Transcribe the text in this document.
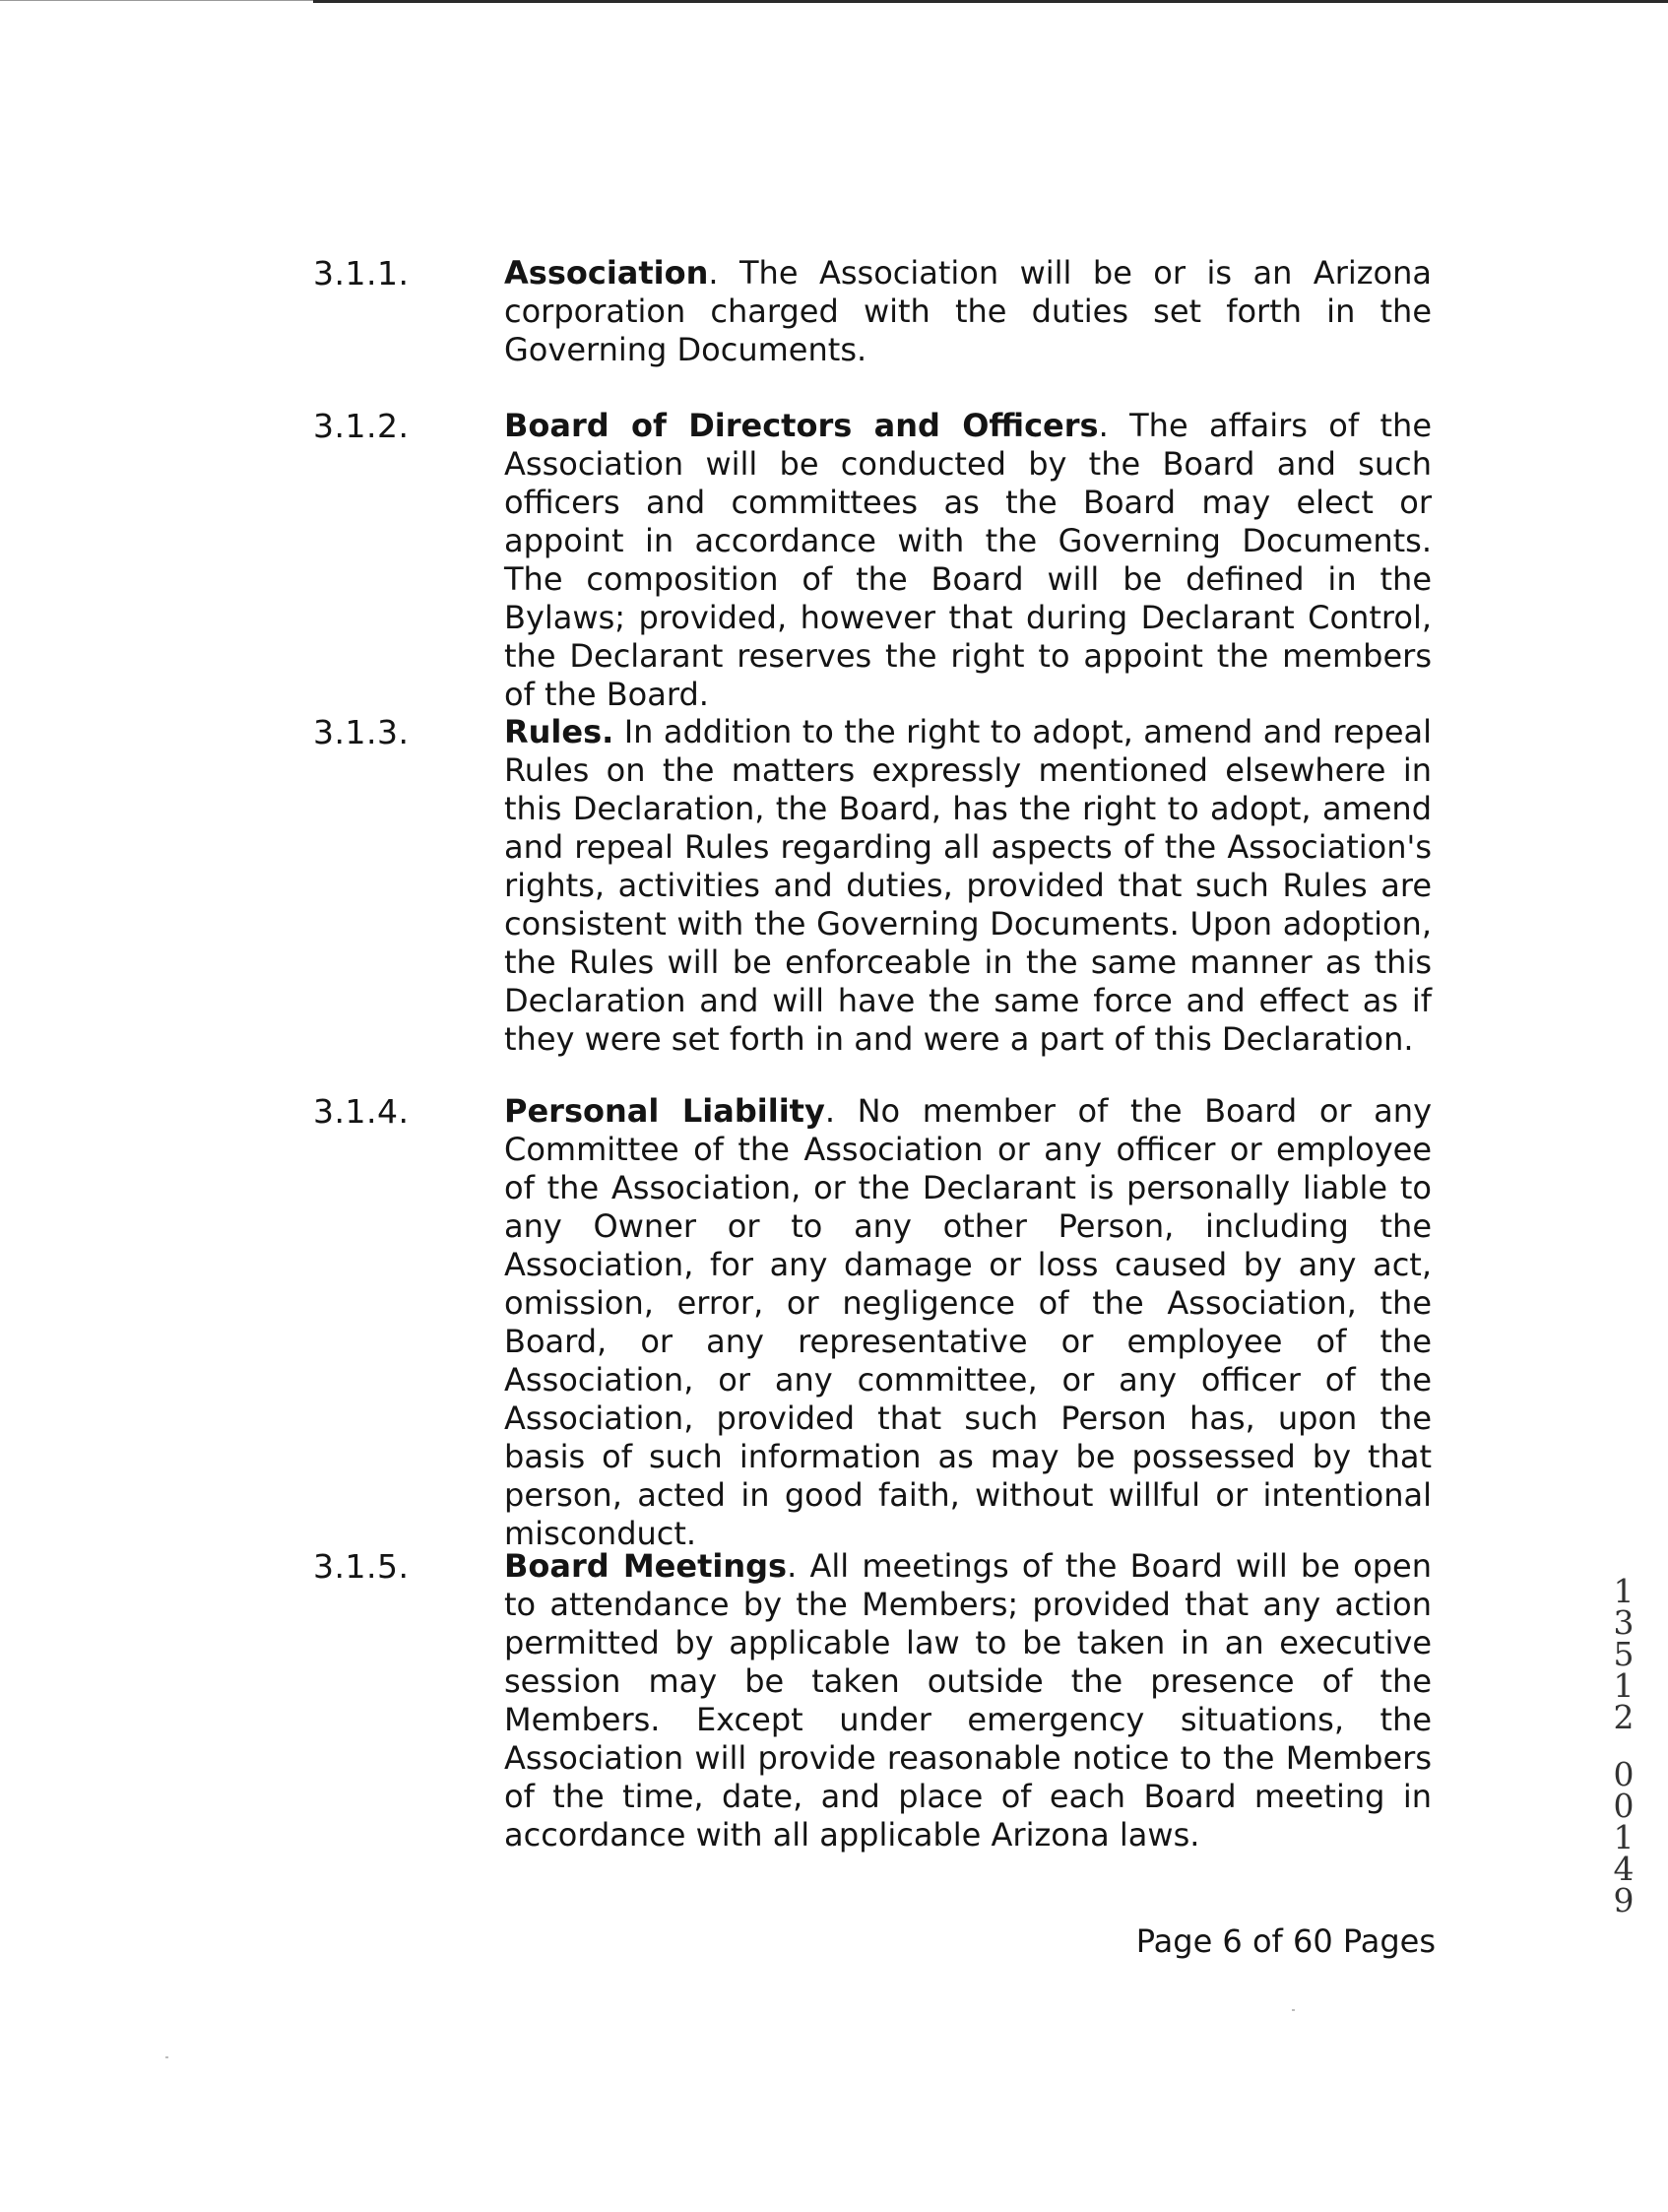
3.1.1.	Association. The Association will be or is an Arizona corporation charged with the duties set forth in the Governing Documents.
3.1.2.	Board of Directors and Officers. The affairs of the Association will be conducted by the Board and such officers and committees as the Board may elect or appoint in accordance with the Governing Documents. The composition of the Board will be defined in the Bylaws; provided, however that during Declarant Control, the Declarant reserves the right to appoint the members of the Board.
3.1.3.	Rules. In addition to the right to adopt, amend and repeal Rules on the matters expressly mentioned elsewhere in this Declaration, the Board, has the right to adopt, amend and repeal Rules regarding all aspects of the Association's rights, activities and duties, provided that such Rules are consistent with the Governing Documents. Upon adoption, the Rules will be enforceable in the same manner as this Declaration and will have the same force and effect as if they were set forth in and were a part of this Declaration.
3.1.4.	Personal Liability. No member of the Board or any Committee of the Association or any officer or employee of the Association, or the Declarant is personally liable to any Owner or to any other Person, including the Association, for any damage or loss caused by any act, omission, error, or negligence of the Association, the Board, or any representative or employee of the Association, or any committee, or any officer of the Association, provided that such Person has, upon the basis of such information as may be possessed by that person, acted in good faith, without willful or intentional misconduct.
3.1.5.	Board Meetings. All meetings of the Board will be open to attendance by the Members; provided that any action permitted by applicable law to be taken in an executive session may be taken outside the presence of the Members. Except under emergency situations, the Association will provide reasonable notice to the Members of the time, date, and place of each Board meeting in accordance with all applicable Arizona laws.
Page 6 of 60 Pages
1
3
5
1
2
0
0
1
4
9
